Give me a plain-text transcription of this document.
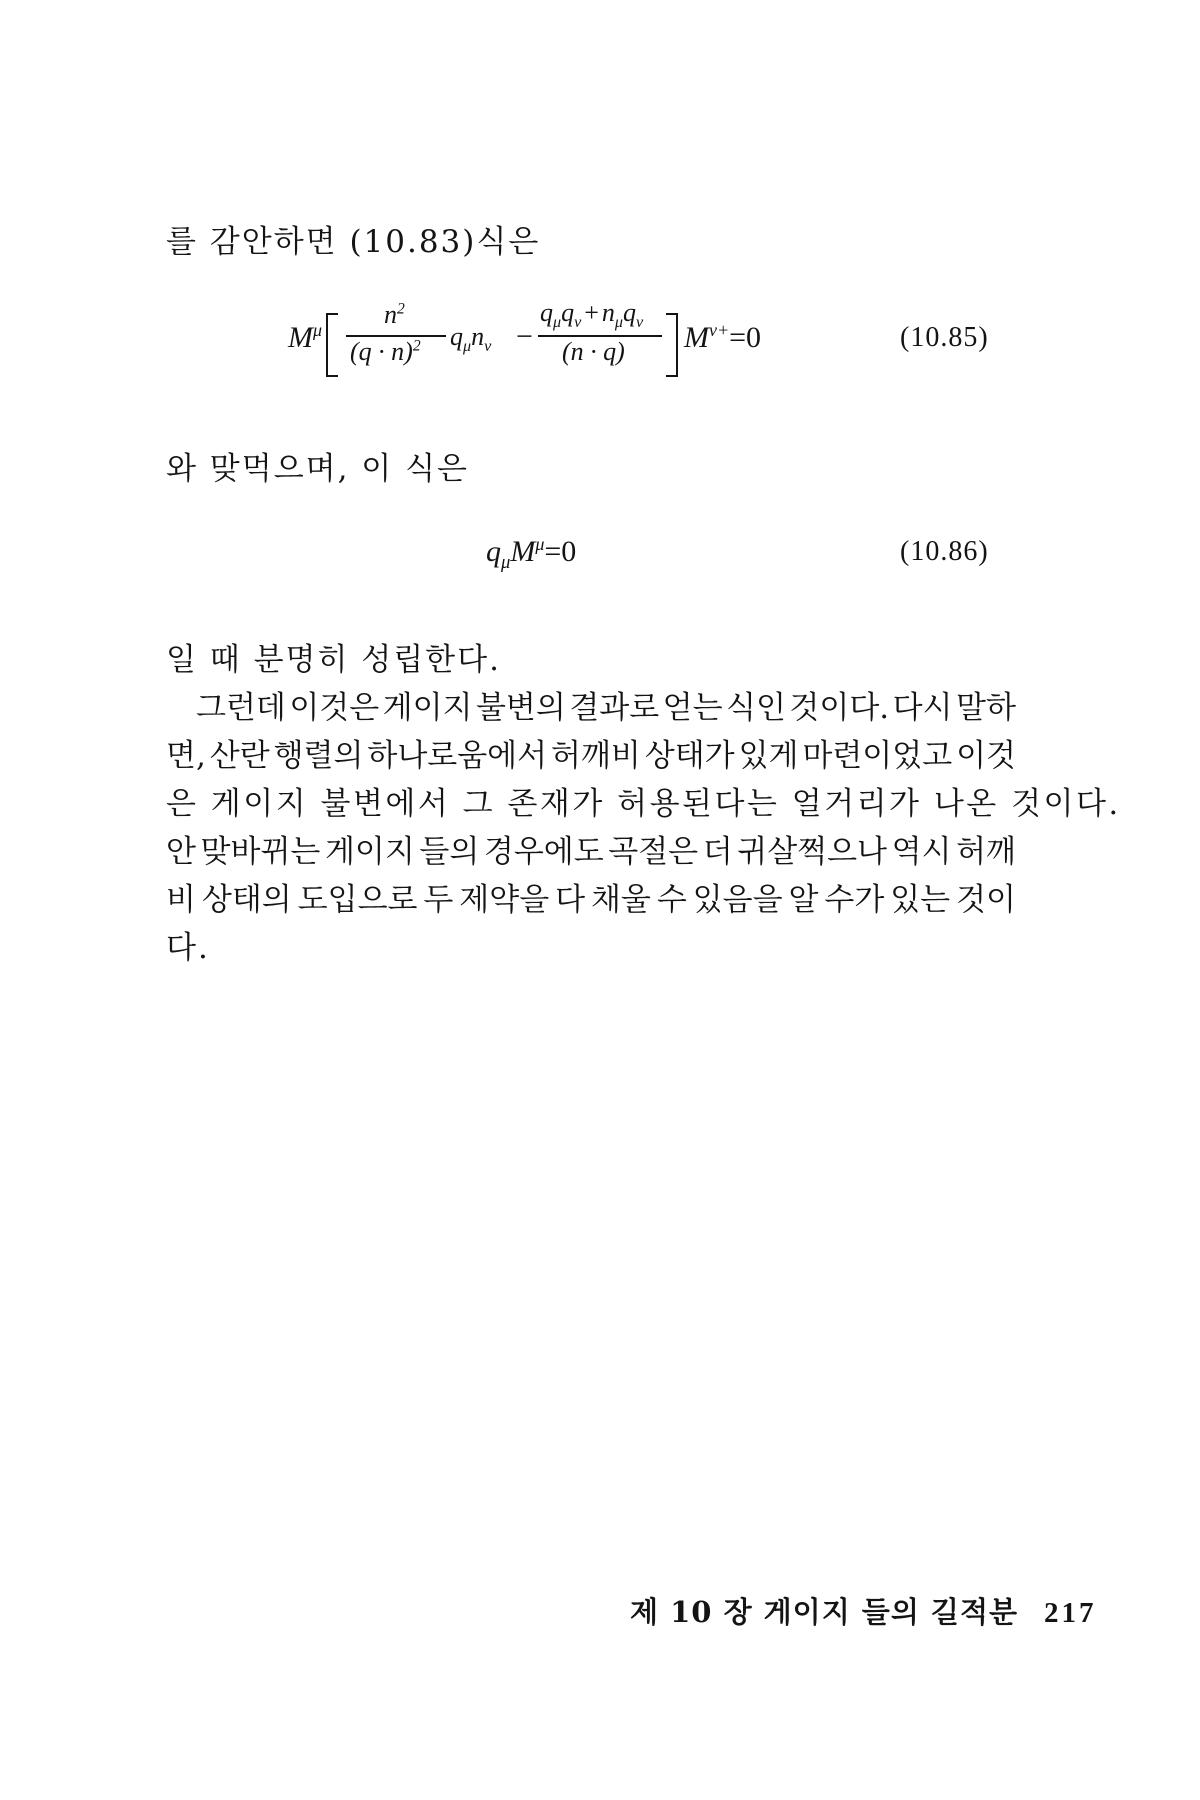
를 감안하면 (10.83)식은
$M^\mu$
$n^2$
$(q \cdot n)^2$ $q_\mu n_\nu$ −
$q_\mu q_\nu + n_\mu q_\nu$
(n · q) $M^{\nu+}=0$	(10.85)
와 맞먹으며, 이 식은
$q_\mu M^\mu=0$	(10.86)
일 때 분명히 성립한다.
그런데 이것은 게이지 불변의 결과로 얻는 식인 것이다. 다시 말하
면, 산란 행렬의 하나로움에서 허깨비 상태가 있게 마련이었고 이것
은 게이지 불변에서 그 존재가 허용된다는 얼거리가 나온 것이다.
안 맞바뀌는 게이지 들의 경우에도 곡절은 더 귀살쩍으나 역시 허깨
비 상태의 도입으로 두 제약을 다 채울 수 있음을 알 수가 있는 것이
다.
제 10 장 게이지 들의 길적분 217
